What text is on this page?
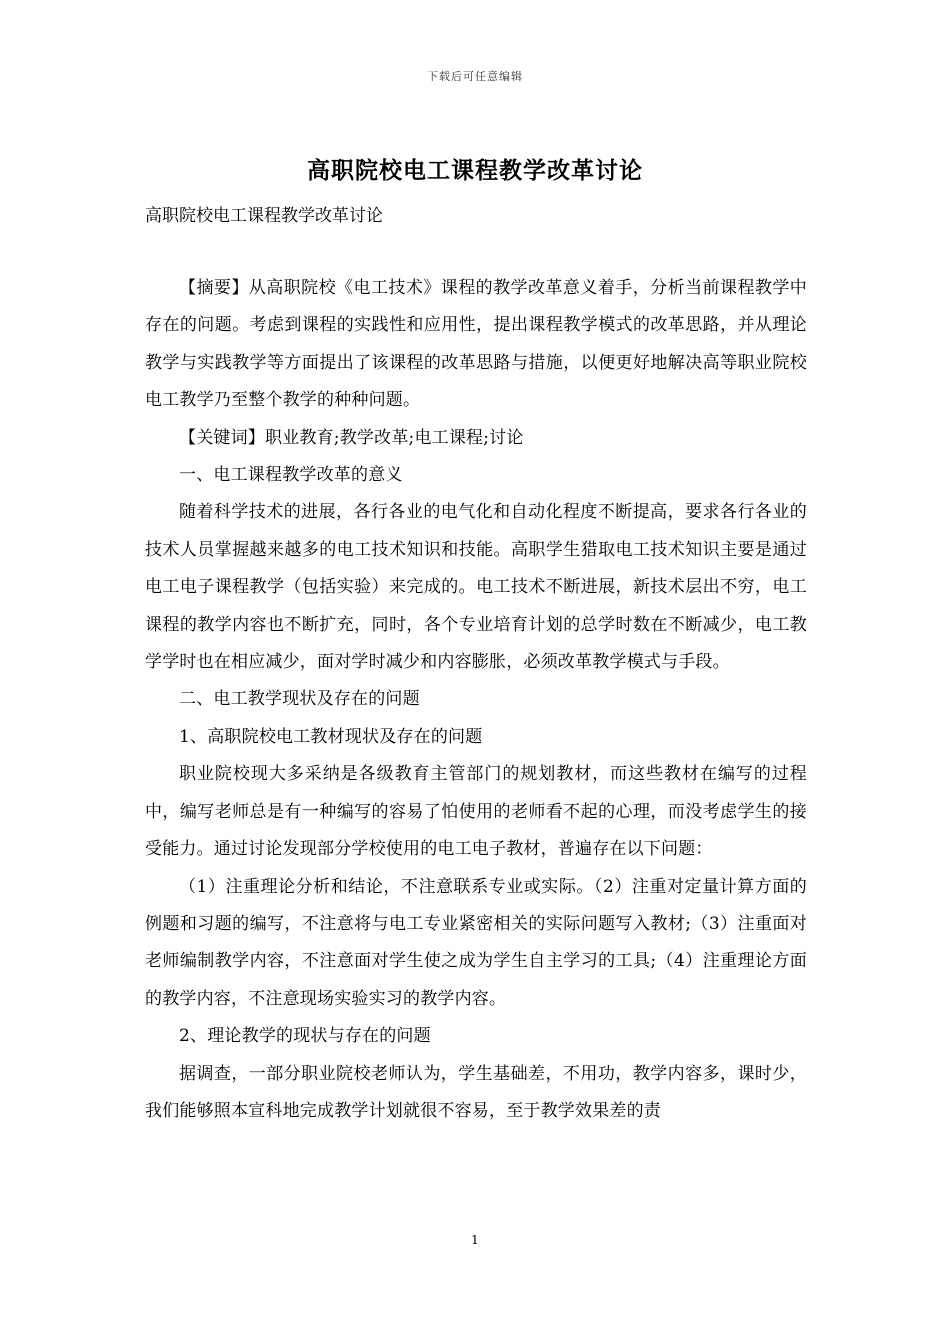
下载后可任意编辑
高职院校电工课程教学改革讨论
高职院校电工课程教学改革讨论

【摘要】从高职院校《电工技术》课程的教学改革意义着手，分析当前课程教学中存在的问题。考虑到课程的实践性和应用性，提出课程教学模式的改革思路，并从理论教学与实践教学等方面提出了该课程的改革思路与措施，以便更好地解决高等职业院校电工教学乃至整个教学的种种问题。

【关键词】职业教育;教学改革;电工课程;讨论

一、电工课程教学改革的意义

随着科学技术的进展，各行各业的电气化和自动化程度不断提高，要求各行各业的技术人员掌握越来越多的电工技术知识和技能。高职学生猎取电工技术知识主要是通过电工电子课程教学（包括实验）来完成的。电工技术不断进展，新技术层出不穷，电工课程的教学内容也不断扩充，同时，各个专业培育计划的总学时数在不断减少，电工教学学时也在相应减少，面对学时减少和内容膨胀，必须改革教学模式与手段。

二、电工教学现状及存在的问题

1、高职院校电工教材现状及存在的问题

职业院校现大多采纳是各级教育主管部门的规划教材，而这些教材在编写的过程中，编写老师总是有一种编写的容易了怕使用的老师看不起的心理，而没考虑学生的接受能力。通过讨论发现部分学校使用的电工电子教材，普遍存在以下问题：

（1）注重理论分析和结论，不注意联系专业或实际。（2）注重对定量计算方面的例题和习题的编写，不注意将与电工专业紧密相关的实际问题写入教材;（3）注重面对老师编制教学内容，不注意面对学生使之成为学生自主学习的工具;（4）注重理论方面的教学内容，不注意现场实验实习的教学内容。

2、理论教学的现状与存在的问题

据调查，一部分职业院校老师认为，学生基础差，不用功，教学内容多，课时少，我们能够照本宣科地完成教学计划就很不容易，至于教学效果差的责

1
